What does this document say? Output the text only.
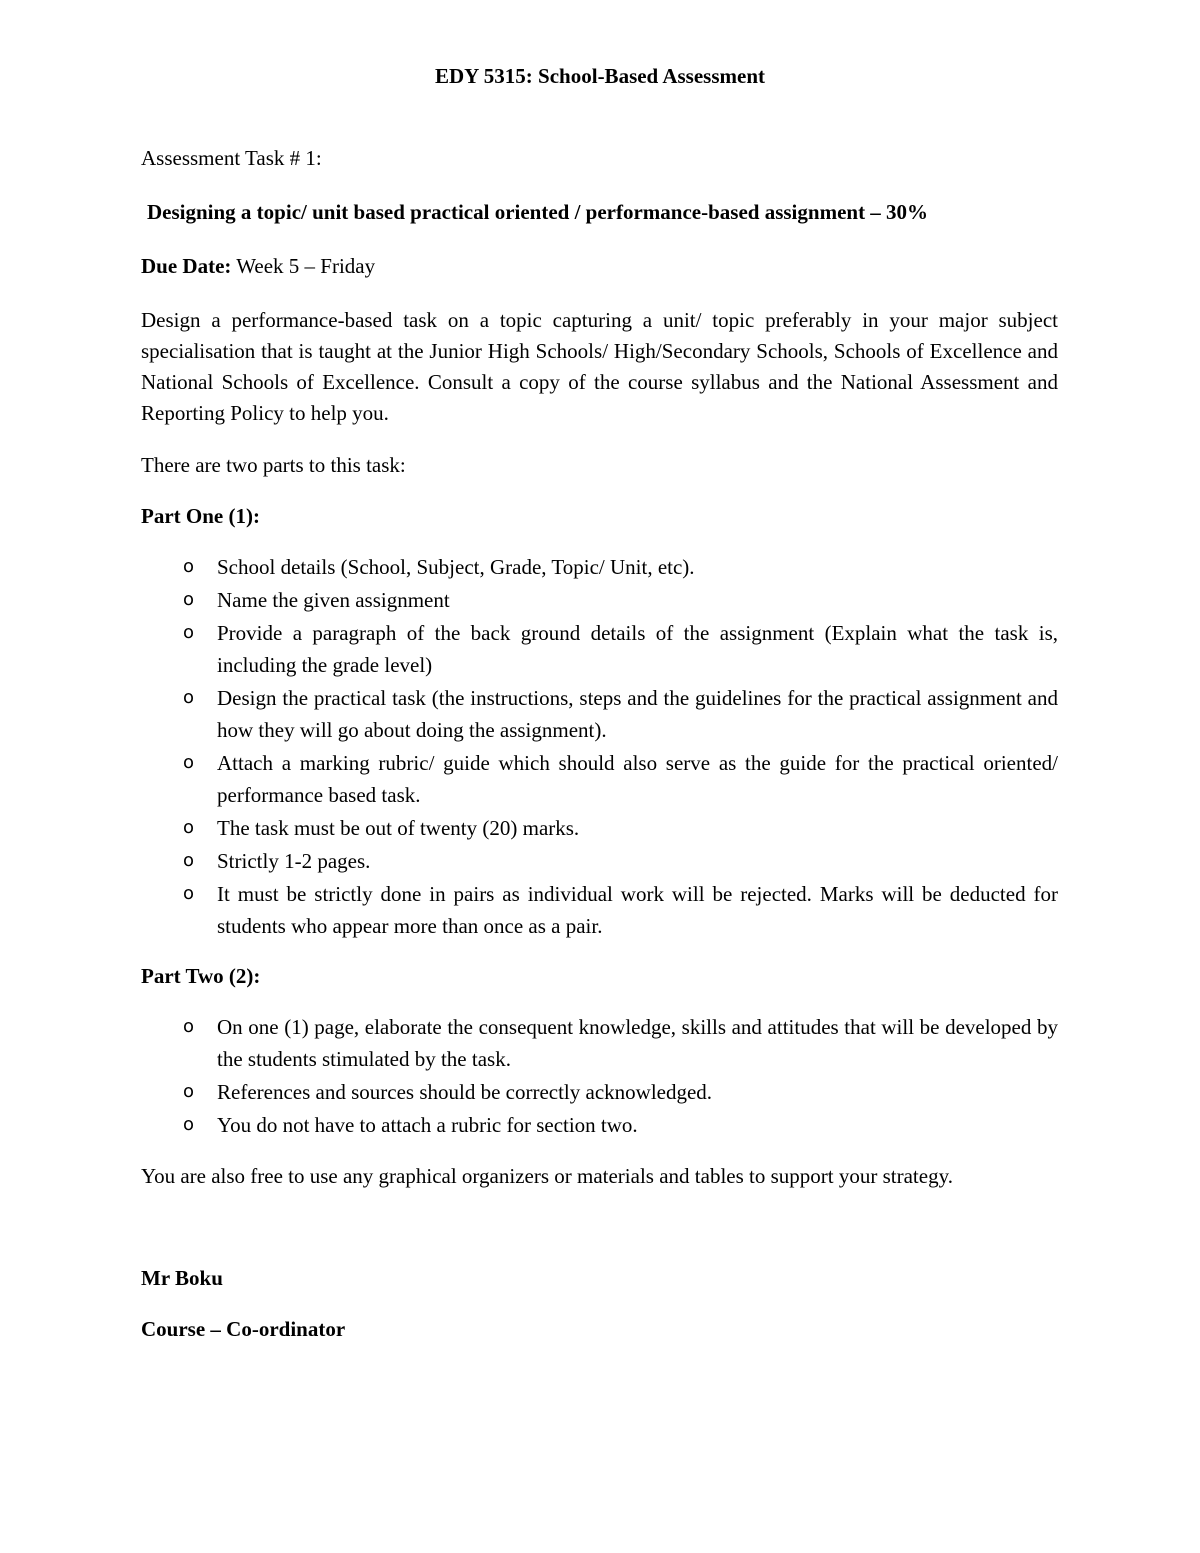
EDY 5315: School-Based Assessment
Assessment Task # 1:
Designing a topic/ unit based practical oriented / performance-based assignment – 30%
Due Date: Week 5 – Friday
Design a performance-based task on a topic capturing a unit/ topic preferably in your major subject specialisation that is taught at the Junior High Schools/ High/Secondary Schools, Schools of Excellence and National Schools of Excellence. Consult a copy of the course syllabus and the National Assessment and Reporting Policy to help you.
There are two parts to this task:
Part One (1):
o School details (School, Subject, Grade, Topic/ Unit, etc).
o Name the given assignment
o Provide a paragraph of the back ground details of the assignment (Explain what the task is, including the grade level)
o Design the practical task (the instructions, steps and the guidelines for the practical assignment and how they will go about doing the assignment).
o Attach a marking rubric/ guide which should also serve as the guide for the practical oriented/ performance based task.
o The task must be out of twenty (20) marks.
o Strictly 1-2 pages.
o It must be strictly done in pairs as individual work will be rejected. Marks will be deducted for students who appear more than once as a pair.
Part Two (2):
o On one (1) page, elaborate the consequent knowledge, skills and attitudes that will be developed by the students stimulated by the task.
o References and sources should be correctly acknowledged.
o You do not have to attach a rubric for section two.
You are also free to use any graphical organizers or materials and tables to support your strategy.
Mr Boku
Course – Co-ordinator
